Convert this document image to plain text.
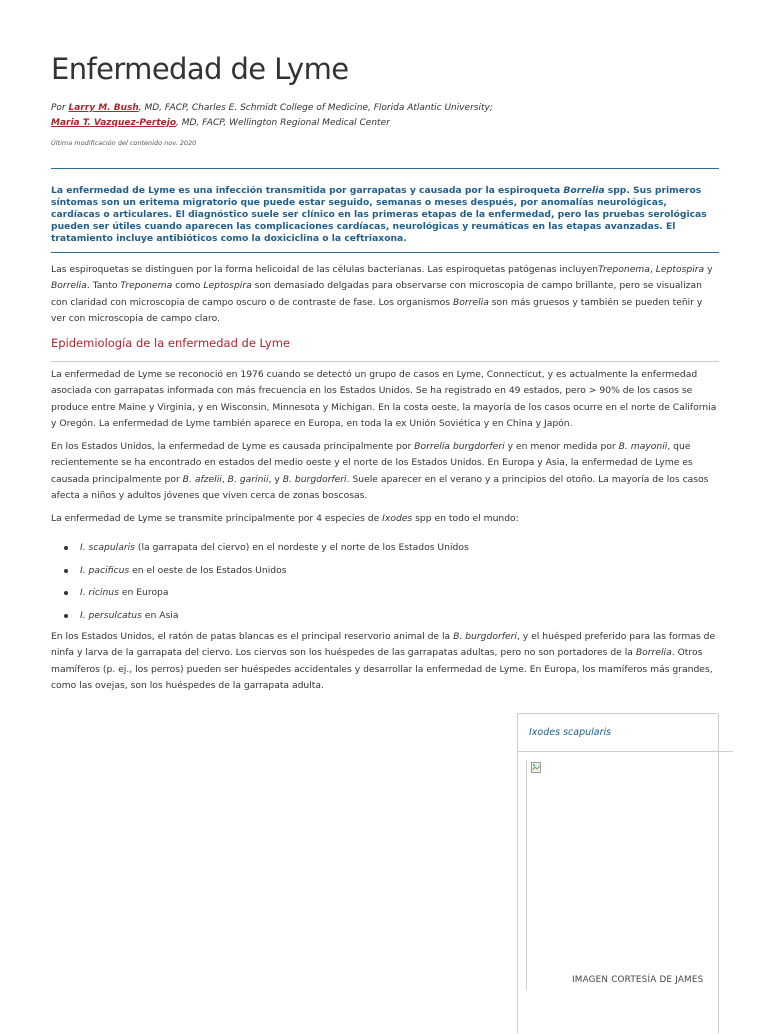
Enfermedad de Lyme
Por Larry M. Bush, MD, FACP, Charles E. Schmidt College of Medicine, Florida Atlantic University;
Maria T. Vazquez-Pertejo, MD, FACP, Wellington Regional Medical Center
Última modificación del contenido nov. 2020
La enfermedad de Lyme es una infección transmitida por garrapatas y causada por la espiroqueta Borrelia spp. Sus primeros síntomas son un eritema migratorio que puede estar seguido, semanas o meses después, por anomalías neurológicas, cardíacas o articulares. El diagnóstico suele ser clínico en las primeras etapas de la enfermedad, pero las pruebas serológicas pueden ser útiles cuando aparecen las complicaciones cardíacas, neurológicas y reumáticas en las etapas avanzadas. El tratamiento incluye antibióticos como la doxiciclina o la ceftriaxona.

Las espiroquetas se distinguen por la forma helicoidal de las células bacterianas. Las espiroquetas patógenas incluyenTreponema, Leptospira y Borrelia. Tanto Treponema como Leptospira son demasiado delgadas para observarse con microscopia de campo brillante, pero se visualizan con claridad con microscopia de campo oscuro o de contraste de fase. Los organismos Borrelia son más gruesos y también se pueden teñir y ver con microscopia de campo claro.

Epidemiología de la enfermedad de Lyme

La enfermedad de Lyme se reconoció en 1976 cuando se detectó un grupo de casos en Lyme, Connecticut, y es actualmente la enfermedad asociada con garrapatas informada con más frecuencia en los Estados Unidos. Se ha registrado en 49 estados, pero > 90% de los casos se produce entre Maine y Virginia, y en Wisconsin, Minnesota y Michigan. En la costa oeste, la mayoría de los casos ocurre en el norte de California y Oregón. La enfermedad de Lyme también aparece en Europa, en toda la ex Unión Soviética y en China y Japón.

En los Estados Unidos, la enfermedad de Lyme es causada principalmente por Borrelia burgdorferi y en menor medida por B. mayonii, que recientemente se ha encontrado en estados del medio oeste y el norte de los Estados Unidos. En Europa y Asia, la enfermedad de Lyme es causada principalmente por B. afzelii, B. garinii, y B. burgdorferi. Suele aparecer en el verano y a principios del otoño. La mayoría de los casos afecta a niños y adultos jóvenes que viven cerca de zonas boscosas.

La enfermedad de Lyme se transmite principalmente por 4 especies de Ixodes spp en todo el mundo:

I. scapularis (la garrapata del ciervo) en el nordeste y el norte de los Estados Unidos
I. pacificus en el oeste de los Estados Unidos
I. ricinus en Europa
I. persulcatus en Asia

En los Estados Unidos, el ratón de patas blancas es el principal reservorio animal de la B. burgdorferi, y el huésped preferido para las formas de ninfa y larva de la garrapata del ciervo. Los ciervos son los huéspedes de las garrapatas adultas, pero no son portadores de la Borrelia. Otros mamíferos (p. ej., los perros) pueden ser huéspedes accidentales y desarrollar la enfermedad de Lyme. En Europa, los mamíferos más grandes, como las ovejas, son los huéspedes de la garrapata adulta.

Ixodes scapularis
IMAGEN CORTESÍA DE JAMES
